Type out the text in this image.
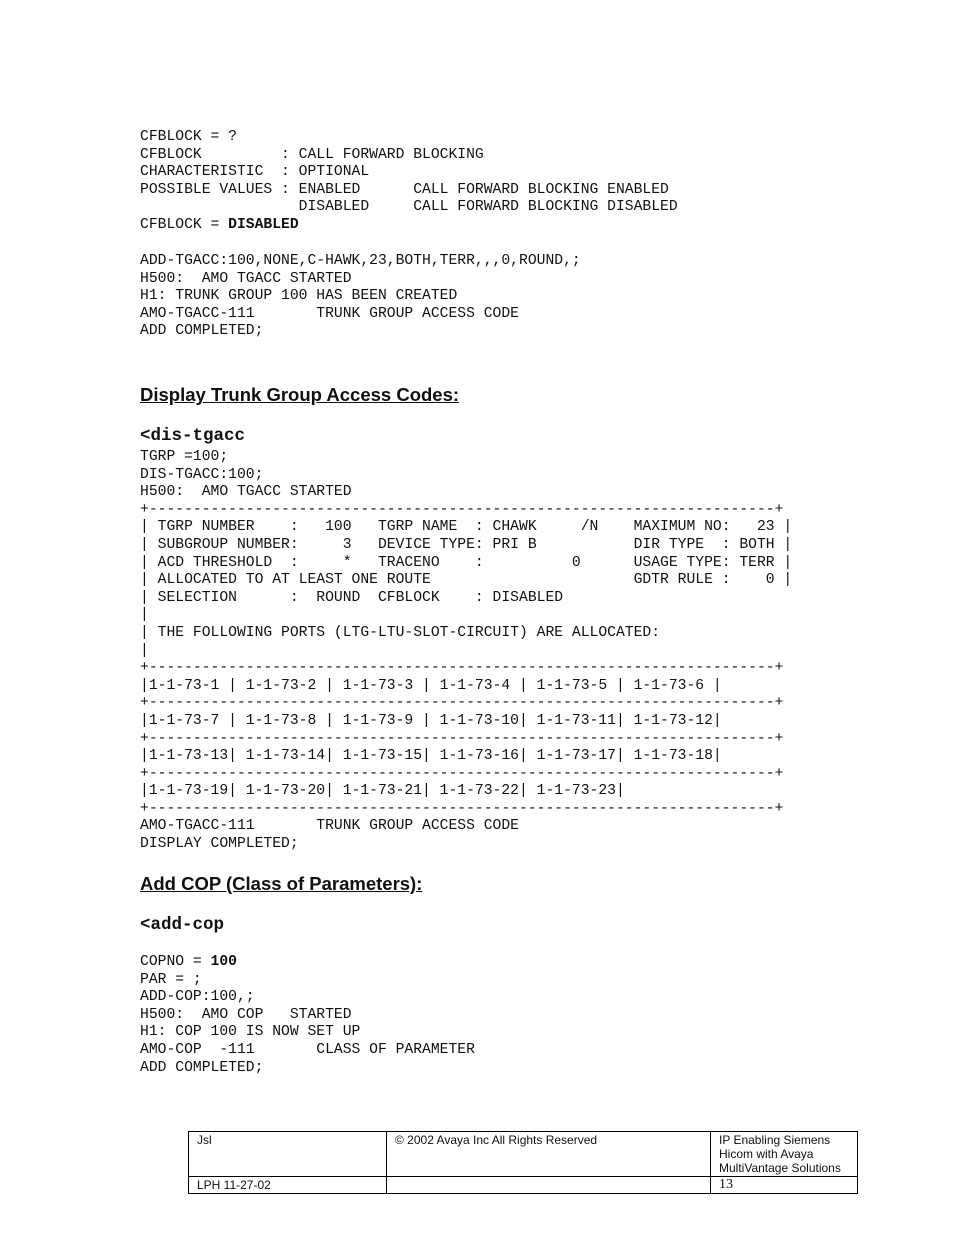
CFBLOCK = ?
CFBLOCK         : CALL FORWARD BLOCKING
CHARACTERISTIC  : OPTIONAL
POSSIBLE VALUES : ENABLED      CALL FORWARD BLOCKING ENABLED
DISABLED     CALL FORWARD BLOCKING DISABLED
CFBLOCK = DISABLED
ADD-TGACC:100,NONE,C-HAWK,23,BOTH,TERR,,,0,ROUND,;
H500:  AMO TGACC STARTED
H1: TRUNK GROUP 100 HAS BEEN CREATED
AMO-TGACC-111       TRUNK GROUP ACCESS CODE
ADD COMPLETED;
Display Trunk Group Access Codes:
<dis-tgacc
TGRP =100;
DIS-TGACC:100;
H500:  AMO TGACC STARTED
+-----------------------------------------------------------------------+
| TGRP NUMBER    :   100   TGRP NAME  : CHAWK     /N    MAXIMUM NO:   23 |
| SUBGROUP NUMBER:     3   DEVICE TYPE: PRI B           DIR TYPE  : BOTH |
| ACD THRESHOLD  :     *   TRACENO    :          0      USAGE TYPE: TERR |
| ALLOCATED TO AT LEAST ONE ROUTE                       GDTR RULE :    0 |
| SELECTION      :  ROUND  CFBLOCK    : DISABLED
|
| THE FOLLOWING PORTS (LTG-LTU-SLOT-CIRCUIT) ARE ALLOCATED:
|
+-----------------------------------------------------------------------+
|1-1-73-1 | 1-1-73-2 | 1-1-73-3 | 1-1-73-4 | 1-1-73-5 | 1-1-73-6 |
+-----------------------------------------------------------------------+
|1-1-73-7 | 1-1-73-8 | 1-1-73-9 | 1-1-73-10| 1-1-73-11| 1-1-73-12|
+-----------------------------------------------------------------------+
|1-1-73-13| 1-1-73-14| 1-1-73-15| 1-1-73-16| 1-1-73-17| 1-1-73-18|
+-----------------------------------------------------------------------+
|1-1-73-19| 1-1-73-20| 1-1-73-21| 1-1-73-22| 1-1-73-23|
+-----------------------------------------------------------------------+
AMO-TGACC-111       TRUNK GROUP ACCESS CODE
DISPLAY COMPLETED;
Add COP (Class of Parameters):
<add-cop
COPNO = 100
PAR = ;
ADD-COP:100,;
H500:  AMO COP   STARTED
H1: COP 100 IS NOW SET UP
AMO-COP  -111       CLASS OF PARAMETER
ADD COMPLETED;
Jsl	© 2002 Avaya Inc All Rights Reserved	IP Enabling Siemens
Hicom with Avaya
MultiVantage Solutions

LPH 11-27-02		13
